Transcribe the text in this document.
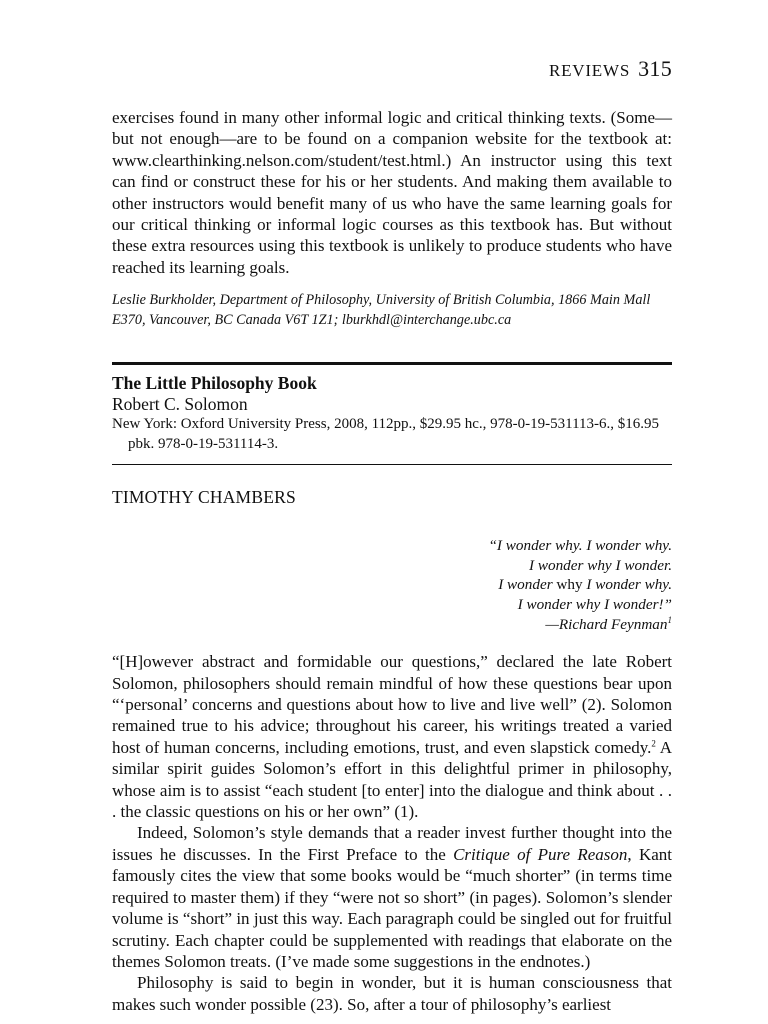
REVIEWS 315

exercises found in many other informal logic and critical thinking texts. (Some—but not enough—are to be found on a companion website for the textbook at: www.clearthinking.nelson.com/student/test.html.) An instructor using this text can find or construct these for his or her students. And making them available to other instructors would benefit many of us who have the same learning goals for our critical thinking or informal logic courses as this textbook has. But without these extra resources using this textbook is unlikely to produce students who have reached its learning goals.

Leslie Burkholder, Department of Philosophy, University of British Columbia, 1866 Main Mall E370, Vancouver, BC Canada V6T 1Z1; lburkhdl@interchange.ubc.ca

The Little Philosophy Book
Robert C. Solomon
New York: Oxford University Press, 2008, 112pp., $29.95 hc., 978-0-19-531113-6., $16.95 pbk. 978-0-19-531114-3.
TIMOTHY CHAMBERS
“I wonder why. I wonder why.
I wonder why I wonder.
I wonder why I wonder why.
I wonder why I wonder!”
—Richard Feynman$^1$

“[H]owever abstract and formidable our questions,” declared the late Robert Solomon, philosophers should remain mindful of how these questions bear upon “‘personal’ concerns and questions about how to live and live well” (2). Solomon remained true to his advice; throughout his career, his writings treated a varied host of human concerns, including emotions, trust, and even slapstick comedy.$^2$ A similar spirit guides Solomon’s effort in this delightful primer in philosophy, whose aim is to assist “each student [to enter] into the dialogue and think about . . . the classic questions on his or her own” (1).

Indeed, Solomon’s style demands that a reader invest further thought into the issues he discusses. In the First Preface to the Critique of Pure Reason, Kant famously cites the view that some books would be “much shorter” (in terms time required to master them) if they “were not so short” (in pages). Solomon’s slender volume is “short” in just this way. Each paragraph could be singled out for fruitful scrutiny. Each chapter could be supplemented with readings that elaborate on the themes Solomon treats. (I’ve made some suggestions in the endnotes.)

Philosophy is said to begin in wonder, but it is human consciousness that makes such wonder possible (23). So, after a tour of philosophy’s earliest
